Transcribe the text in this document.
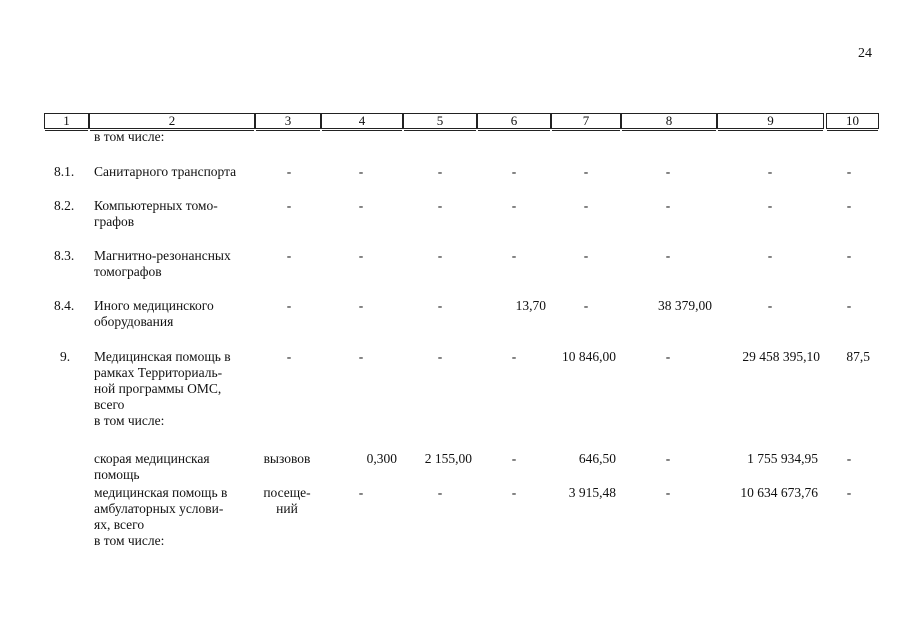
24
1	2	3	4	5	6	7	8	9	10
в том числе:
8.1. Санитарного транспорта	-	-	-	-	-	-	-	-
8.2. Компьютерных томо-
графов
-	-	-	-	-	-	-	-
8.3. Магнитно-резонансных
томографов
-	-	-	-	-	-	-	-
8.4. Иного медицинского
оборудования
-	-	-	13,70	-	38 379,00	-	-
9. Медицинская помощь в
рамках Территориаль-
ной программы ОМС,
всего
в том числе:
-	-	-	-	10 846,00	-	29 458 395,10	87,5
скорая медицинская
помощь
вызовов	0,300	2 155,00	-	646,50	-	1 755 934,95	-
медицинская помощь в
амбулаторных услови-
ях, всего
в том числе:
посеще-
ний
-	-	-	3 915,48	-	10 634 673,76	-
